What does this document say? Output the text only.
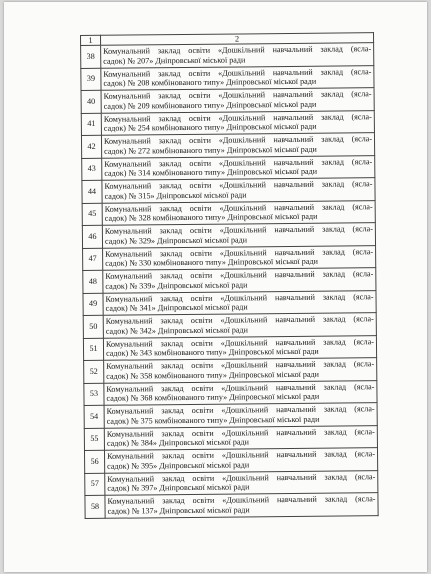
1	2
38	Комунальний заклад освіти «Дошкільний навчальний заклад (ясла-
садок) № 207» Дніпровської міської ради

39	Комунальний заклад освіти «Дошкільний навчальний заклад (ясла-
садок) № 208 комбінованого типу» Дніпровської міської ради

40	Комунальний заклад освіти «Дошкільний навчальний заклад (ясла-
садок) № 209 комбінованого типу» Дніпровської міської ради

41	Комунальний заклад освіти «Дошкільний навчальний заклад (ясла-
садок) № 254 комбінованого типу» Дніпровської міської ради

42	Комунальний заклад освіти «Дошкільний навчальний заклад (ясла-
садок) № 272 комбінованого типу» Дніпровської міської ради

43	Комунальний заклад освіти «Дошкільний навчальний заклад (ясла-
садок) № 314 комбінованого типу» Дніпровської міської ради

44	Комунальний заклад освіти «Дошкільний навчальний заклад (ясла-
садок) № 315» Дніпровської міської ради

45	Комунальний заклад освіти «Дошкільний навчальний заклад (ясла-
садок) № 328 комбінованого типу» Дніпровської міської ради

46	Комунальний заклад освіти «Дошкільний навчальний заклад (ясла-
садок) № 329» Дніпровської міської ради

47	Комунальний заклад освіти «Дошкільний навчальний заклад (ясла-
садок) № 330 комбінованого типу» Дніпровської міської ради

48	Комунальний заклад освіти «Дошкільний навчальний заклад (ясла-
садок) № 339» Дніпровської міської ради

49	Комунальний заклад освіти «Дошкільний навчальний заклад (ясла-
садок) № 341» Дніпровської міської ради

50	Комунальний заклад освіти «Дошкільний навчальний заклад (ясла-
садок) № 342» Дніпровської міської ради

51	Комунальний заклад освіти «Дошкільний навчальний заклад (ясла-
садок) № 343 комбінованого типу» Дніпровської міської ради

52	Комунальний заклад освіти «Дошкільний навчальний заклад (ясла-
садок) № 358 комбінованого типу» Дніпровської міської ради

53	Комунальний заклад освіти «Дошкільний навчальний заклад (ясла-
садок) № 368 комбінованого типу» Дніпровської міської ради

54	Комунальний заклад освіти «Дошкільний навчальний заклад (ясла-
садок) № 375 комбінованого типу» Дніпровської міської ради

55	Комунальний заклад освіти «Дошкільний навчальний заклад (ясла-
садок) № 384» Дніпровської міської ради

56	Комунальний заклад освіти «Дошкільний навчальний заклад (ясла-
садок) № 395» Дніпровської міської ради

57	Комунальний заклад освіти «Дошкільний навчальний заклад (ясла-
садок) № 397» Дніпровської міської ради

58	Комунальний заклад освіти «Дошкільний навчальний заклад (ясла-
садок) № 137» Дніпровської міської ради
